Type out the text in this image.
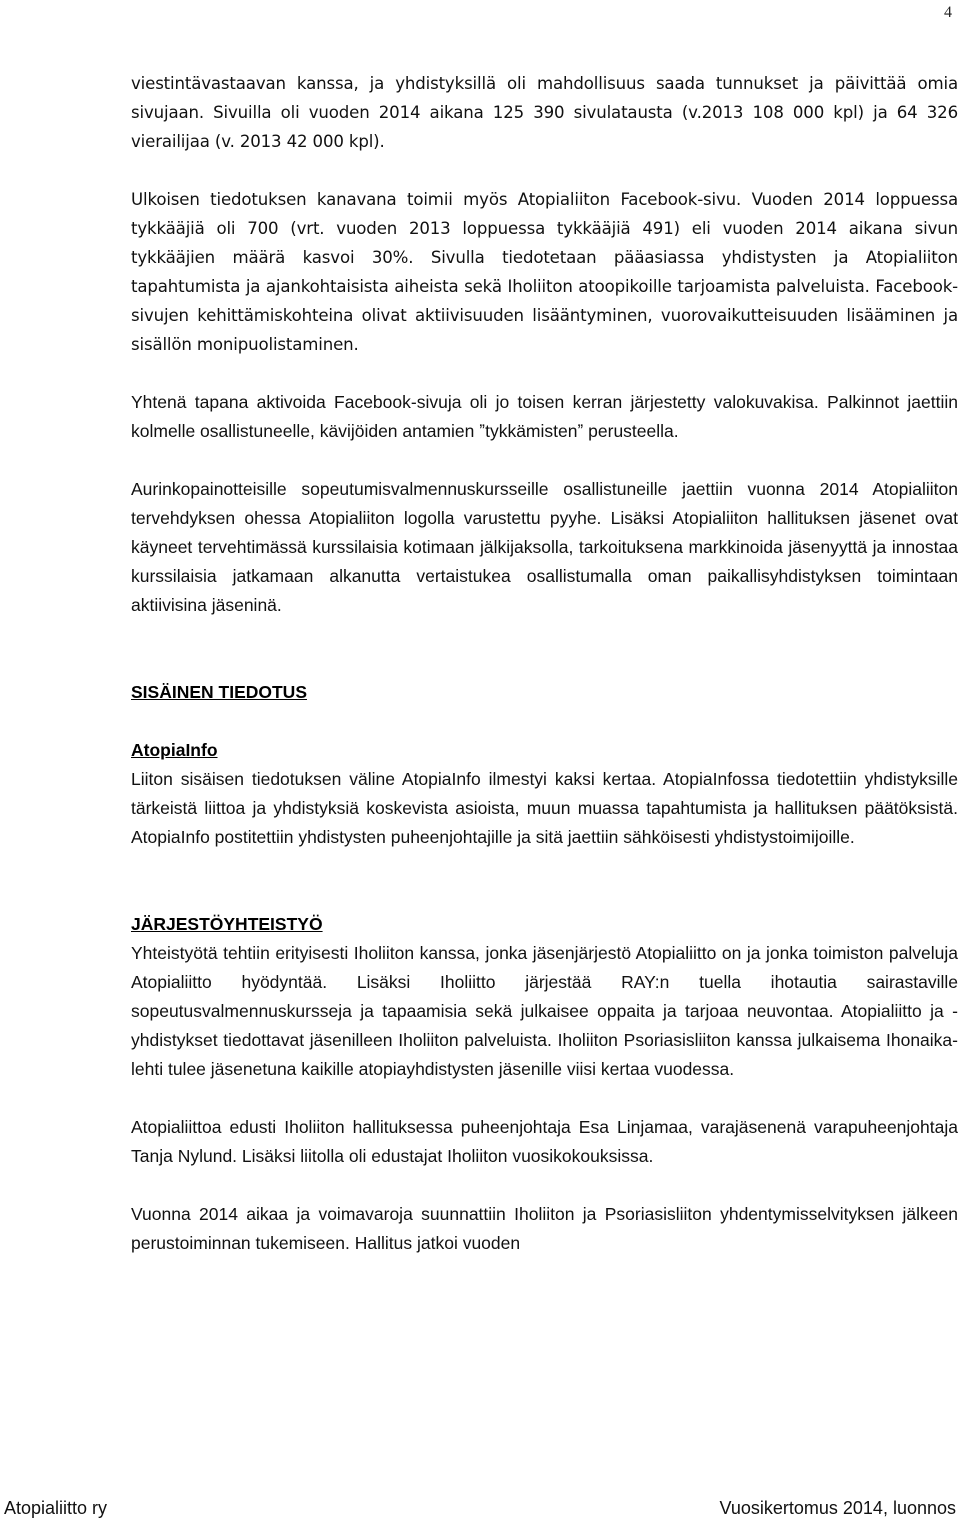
4

viestintävastaavan kanssa, ja yhdistyksillä oli mahdollisuus saada tunnukset ja päivittää omia sivujaan. Sivuilla oli vuoden 2014 aikana 125 390 sivulatausta (v.2013 108 000 kpl) ja 64 326 vierailijaa (v. 2013 42 000 kpl).

Ulkoisen tiedotuksen kanavana toimii myös Atopialiiton Facebook-sivu. Vuoden 2014 loppuessa tykkääjiä oli 700 (vrt. vuoden 2013 loppuessa tykkääjiä 491) eli vuoden 2014 aikana sivun tykkääjien määrä kasvoi 30%. Sivulla tiedotetaan pääasiassa yhdistysten ja Atopialiiton tapahtumista ja ajankohtaisista aiheista sekä Iholiiton atoopikoille tarjoamista palveluista. Facebook-sivujen kehittämiskohteina olivat aktiivisuuden lisääntyminen, vuorovaikutteisuuden lisääminen ja sisällön monipuolistaminen.

Yhtenä tapana aktivoida Facebook-sivuja oli jo toisen kerran järjestetty valokuvakisa. Palkinnot jaettiin kolmelle osallistuneelle, kävijöiden antamien ˮtykkämistenˮ perusteella.

Aurinkopainotteisille sopeutumisvalmennuskursseille osallistuneille jaettiin vuonna 2014 Atopialiiton tervehdyksen ohessa Atopialiiton logolla varustettu pyyhe. Lisäksi Atopialiiton hallituksen jäsenet ovat käyneet tervehtimässä kurssilaisia kotimaan jälkijaksolla, tarkoituksena markkinoida jäsenyyttä ja innostaa kurssilaisia jatkamaan alkanutta vertaistukea osallistumalla oman paikallisyhdistyksen toimintaan aktiivisina jäseninä.

SISÄINEN TIEDOTUS
AtopiaInfo

Liiton sisäisen tiedotuksen väline AtopiaInfo ilmestyi kaksi kertaa. AtopiaInfossa tiedotettiin yhdistyksille tärkeistä liittoa ja yhdistyksiä koskevista asioista, muun muassa tapahtumista ja hallituksen päätöksistä. AtopiaInfo postitettiin yhdistysten puheenjohtajille ja sitä jaettiin sähköisesti yhdistystoimijoille.

JÄRJESTÖYHTEISTYÖ

Yhteistyötä tehtiin erityisesti Iholiiton kanssa, jonka jäsenjärjestö Atopialiitto on ja jonka toimiston palveluja Atopialiitto hyödyntää. Lisäksi Iholiitto järjestää RAY:n tuella ihotautia sairastaville sopeutusvalmennuskursseja ja tapaamisia sekä julkaisee oppaita ja tarjoaa neuvontaa. Atopialiitto ja -yhdistykset tiedottavat jäsenilleen Iholiiton palveluista. Iholiiton Psoriasisliiton kanssa julkaisema Ihonaika-lehti tulee jäsenetuna kaikille atopiayhdistysten jäsenille viisi kertaa vuodessa.

Atopialiittoa edusti Iholiiton hallituksessa puheenjohtaja Esa Linjamaa, varajäsenenä varapuheenjohtaja Tanja Nylund. Lisäksi liitolla oli edustajat Iholiiton vuosikokouksissa.

Vuonna 2014 aikaa ja voimavaroja suunnattiin Iholiiton ja Psoriasisliiton yhdentymisselvityksen jälkeen perustoiminnan tukemiseen. Hallitus jatkoi vuoden

Atopialiitto ry	Vuosikertomus 2014, luonnos
